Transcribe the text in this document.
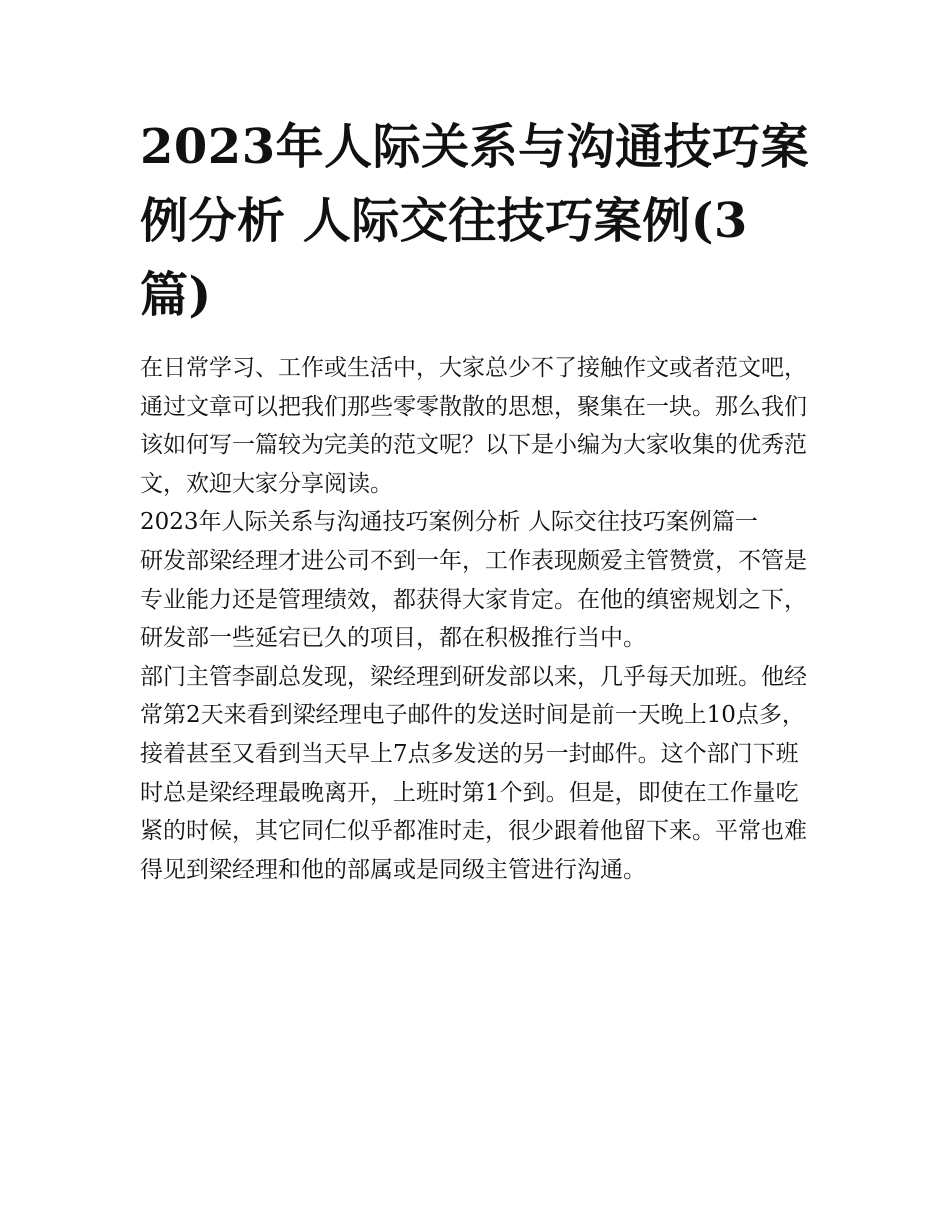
2023年人际关系与沟通技巧案例分析 人际交往技巧案例(3篇)

在日常学习、工作或生活中，大家总少不了接触作文或者范文吧，通过文章可以把我们那些零零散散的思想，聚集在一块。那么我们该如何写一篇较为完美的范文呢？以下是小编为大家收集的优秀范文，欢迎大家分享阅读。

2023年人际关系与沟通技巧案例分析 人际交往技巧案例篇一

研发部梁经理才进公司不到一年，工作表现颇爱主管赞赏，不管是专业能力还是管理绩效，都获得大家肯定。在他的缜密规划之下，研发部一些延宕已久的项目，都在积极推行当中。

部门主管李副总发现，梁经理到研发部以来，几乎每天加班。他经常第2天来看到梁经理电子邮件的发送时间是前一天晚上10点多，接着甚至又看到当天早上7点多发送的另一封邮件。这个部门下班时总是梁经理最晚离开，上班时第1个到。但是，即使在工作量吃紧的时候，其它同仁似乎都准时走，很少跟着他留下来。平常也难得见到梁经理和他的部属或是同级主管进行沟通。
